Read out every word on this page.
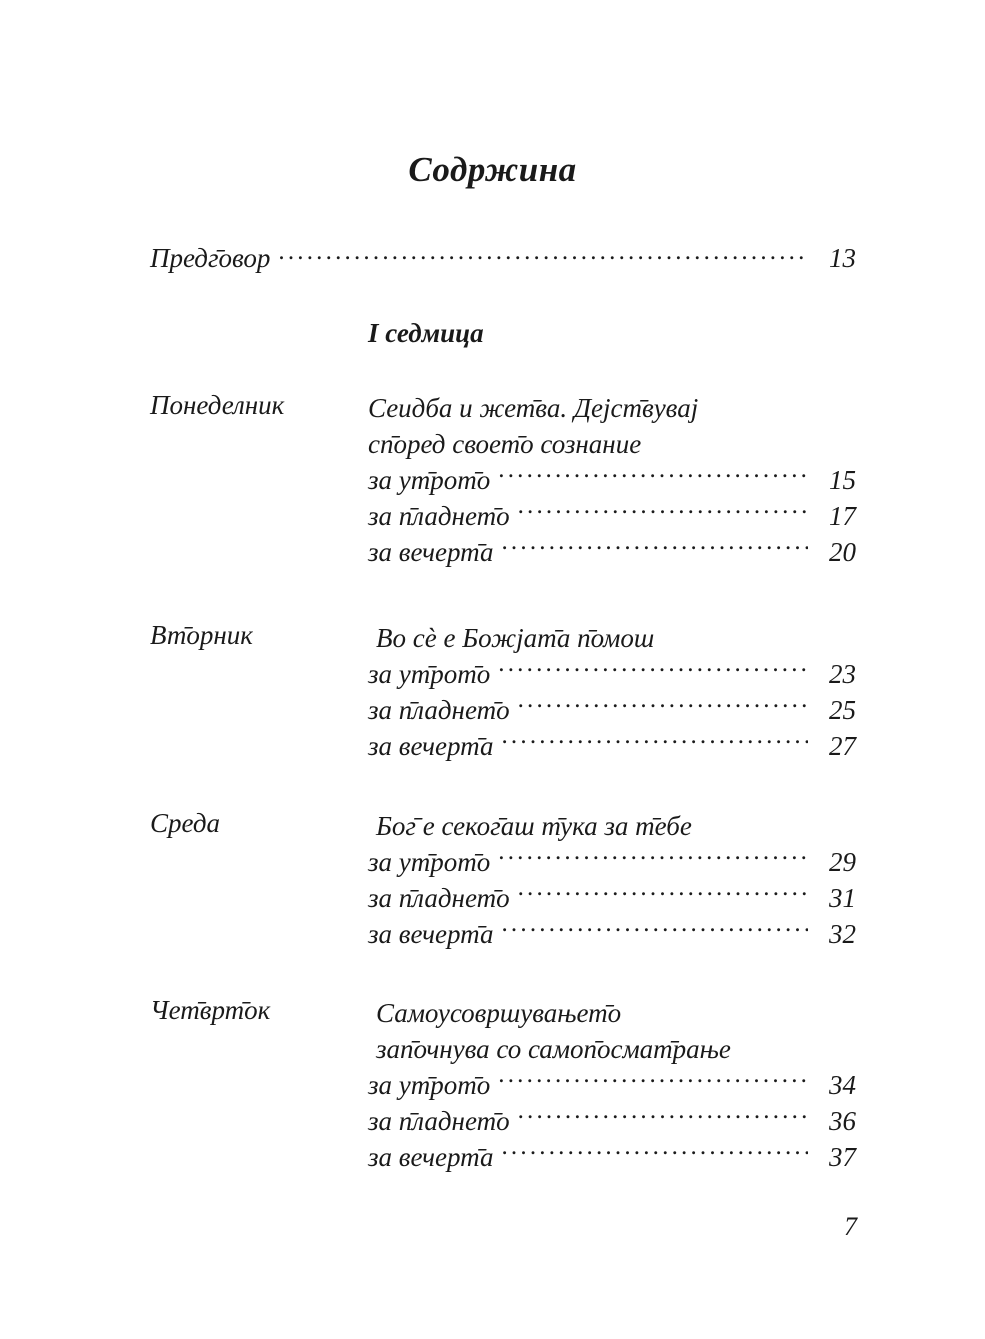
Содржина
Предг̄овор .....	13
I седмица
Понеделник	Сеидба и жет̄ва. Дејст̄вувај
сп̄оред своет̄о сознание
за ут̄рот̄о .....	15
за п̄ладнет̄о .....	17
за вечерт̄а .....	20
Вт̄орник	Во сè е Божјат̄а п̄омош
за ут̄рот̄о .....	23
за п̄ладнет̄о .....	25
за вечерт̄а .....	27
Среда	Бог̄ е секог̄аш т̄ука за т̄ебе
за ут̄рот̄о .....	29
за п̄ладнет̄о .....	31
за вечерт̄а .....	32
Чет̄врт̄ок	Самоусовршувањет̄о
зап̄очнува со самоп̄осмат̄рање
за ут̄рот̄о .....	34
за п̄ладнет̄о .....	36
за вечерт̄а .....	37
7
